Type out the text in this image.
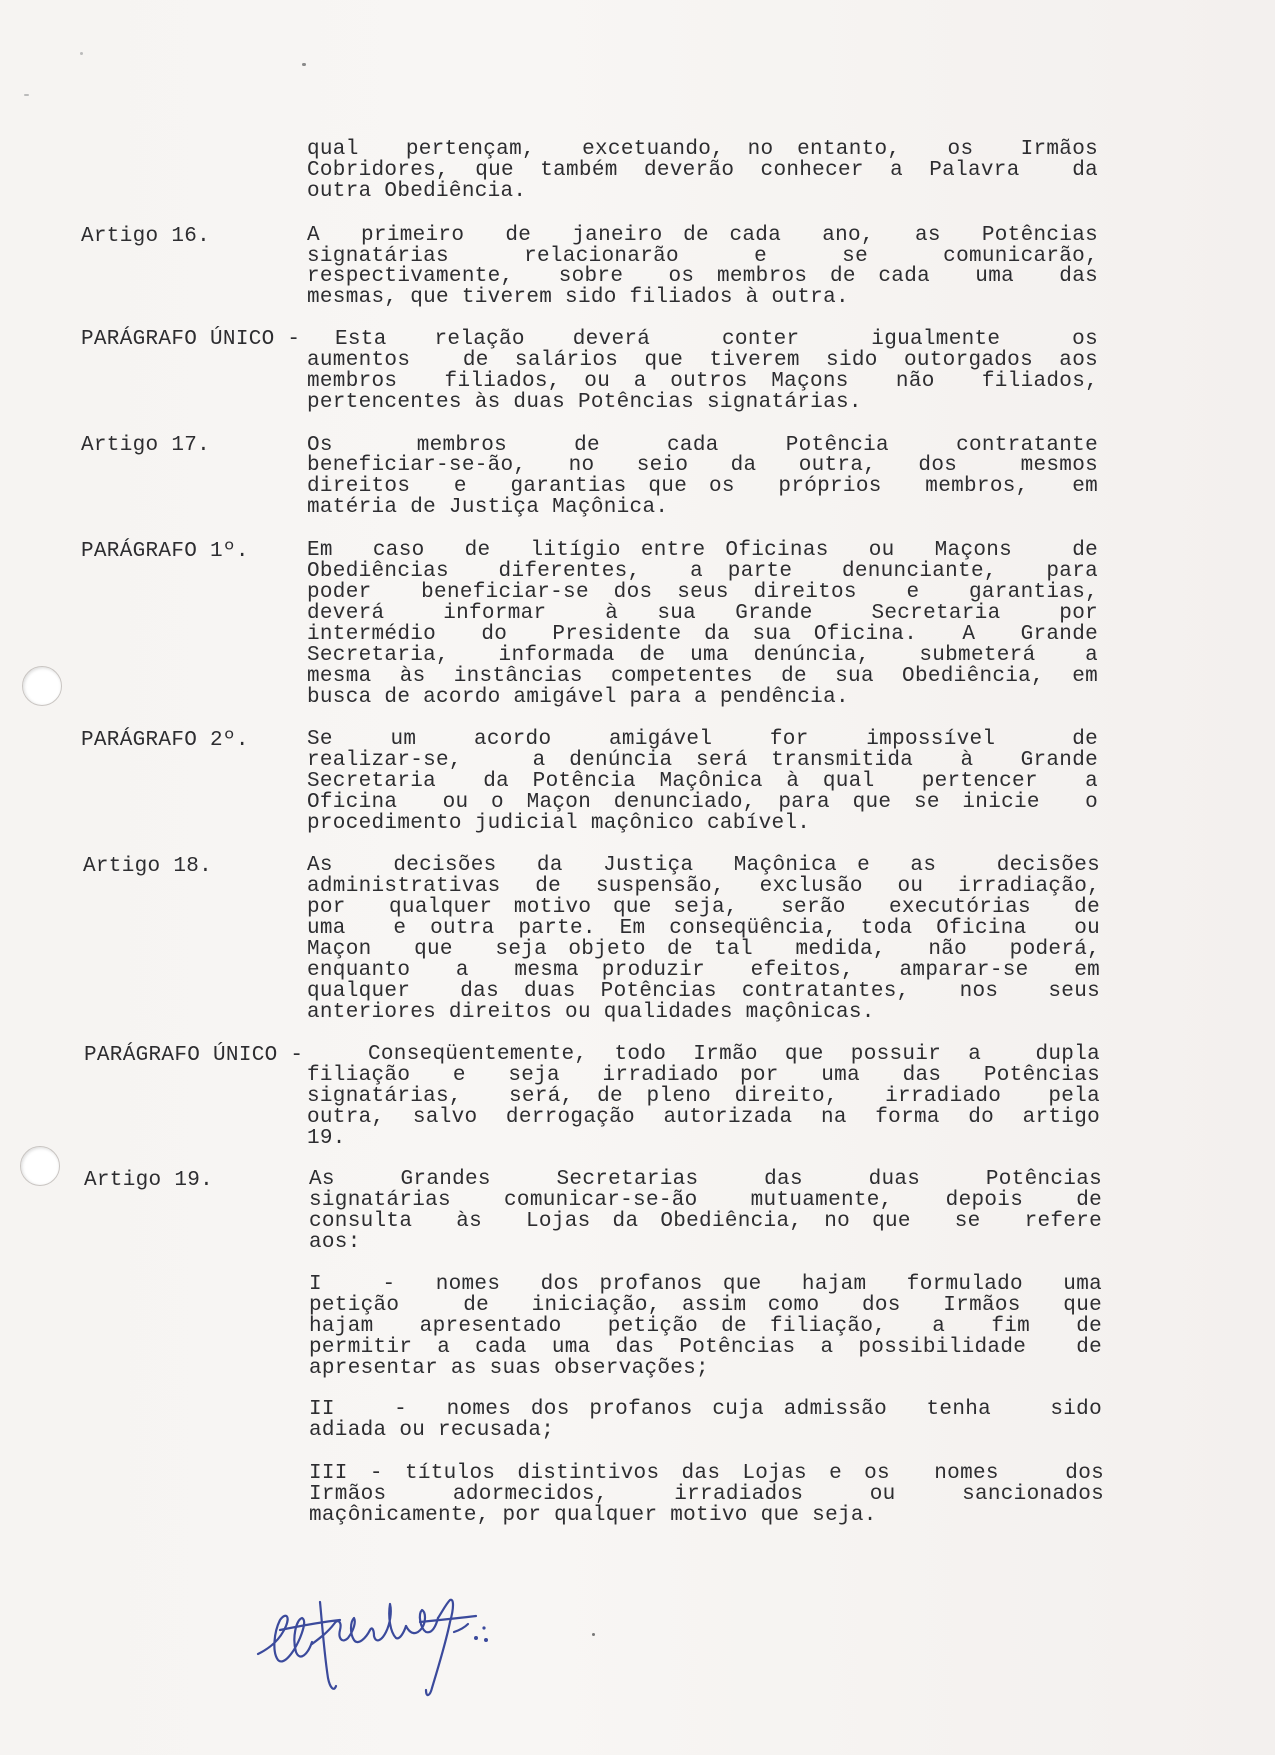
qual  pertençam,  excetuando, no entanto,  os  Irmãos
Cobridores, que também deverão conhecer a Palavra  da
outra Obediência.
Artigo 16.	A  primeiro  de  janeiro de cada  ano,  as  Potências
signatárias    relacionarão    e    se    comunicarão,
respectivamente,  sobre  os membros de cada  uma  das
mesmas, que tiverem sido filiados à outra.
PARÁGRAFO ÚNICO - Esta  relação  deverá   conter   igualmente   os
aumentos  de salários que tiverem sido outorgados aos
membros  filiados, ou a outros Maçons  não  filiados,
pertencentes às duas Potências signatárias.
Artigo 17.	Os     membros    de    cada    Potência    contratante
beneficiar-se-ão,  no  seio  da  outra,  dos   mesmos
direitos  e  garantias que os  próprios  membros,  em
matéria de Justiça Maçônica.
PARÁGRAFO 1º.	Em  caso  de  litígio entre Oficinas  ou  Maçons   de
Obediências  diferentes,  a parte  denunciante,  para
poder  beneficiar-se dos seus direitos  e  garantias,
deverá   informar   à  sua  Grande   Secretaria   por
intermédio  do  Presidente da sua Oficina.  A  Grande
Secretaria,  informada de uma denúncia,  submeterá  a
mesma às instâncias competentes de sua Obediência, em
busca de acordo amigável para a pendência.
PARÁGRAFO 2º.	Se   um   acordo   amigável   for   impossível    de
realizar-se,   a denúncia será transmitida  à  Grande
Secretaria  da Potência Maçônica à qual  pertencer  a
Oficina  ou o Maçon denunciado, para que se inicie  o
procedimento judicial maçônico cabível.
Artigo 18.	As   decisões  da  Justiça  Maçônica e  as   decisões
administrativas de suspensão, exclusão ou irradiação,
por  qualquer motivo que seja,  serão  executórias  de
uma  e outra parte. Em conseqüência, toda Oficina  ou
Maçon  que  seja objeto de tal  medida,  não  poderá,
enquanto  a  mesma produzir  efeitos,  amparar-se  em
qualquer  das duas Potências contratantes,  nos  seus
anteriores direitos ou qualidades maçônicas.
PARÁGRAFO ÚNICO -	Conseqüentemente, todo Irmão que possuir a  dupla
filiação  e  seja  irradiado por  uma  das  Potências
signatárias,  será, de pleno direito,  irradiado  pela
outra, salvo derrogação autorizada na forma do artigo
19.
Artigo 19.	As    Grandes    Secretarias    das    duas    Potências
signatárias  comunicar-se-ão  mutuamente,  depois  de
consulta  às  Lojas da Obediência, no que  se  refere
aos:
I   -  nomes  dos profanos que  hajam  formulado  uma
petição   de  iniciação, assim como  dos  Irmãos  que
hajam  apresentado  petição de filiação,  a  fim  de
permitir a cada uma das Potências a possibilidade  de
apresentar as suas observações;
II   -  nomes dos profanos cuja admissão  tenha   sido
adiada ou recusada;
III - títulos distintivos das Lojas e os  nomes   dos
Irmãos   adormecidos,   irradiados   ou   sancionados
maçônicamente, por qualquer motivo que seja.
